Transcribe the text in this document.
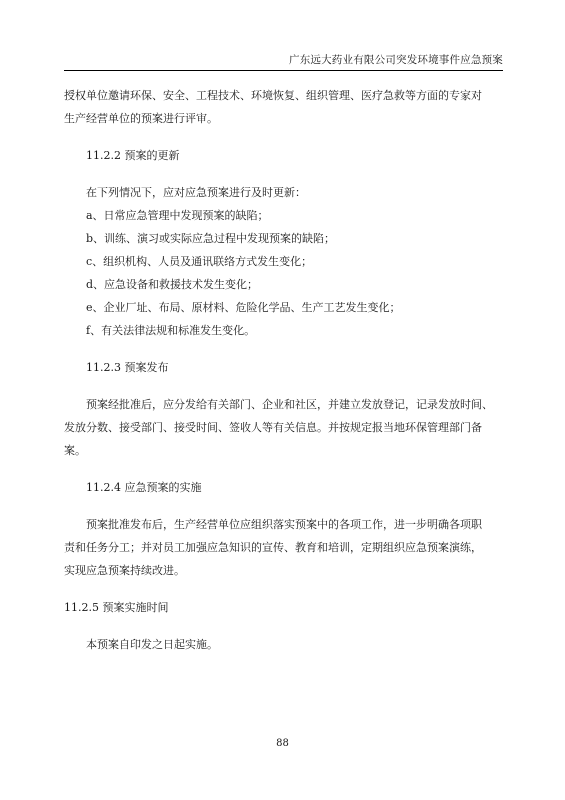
广东远大药业有限公司突发环境事件应急预案

授权单位邀请环保、安全、工程技术、环境恢复、组织管理、医疗急救等方面的专家对

生产经营单位的预案进行评审。

11.2.2 预案的更新

在下列情况下，应对应急预案进行及时更新：

a、日常应急管理中发现预案的缺陷；

b、训练、演习或实际应急过程中发现预案的缺陷；

c、组织机构、人员及通讯联络方式发生变化；

d、应急设备和救援技术发生变化；

e、企业厂址、布局、原材料、危险化学品、生产工艺发生变化；

f、有关法律法规和标准发生变化。

11.2.3 预案发布

预案经批准后，应分发给有关部门、企业和社区，并建立发放登记，记录发放时间、

发放分数、接受部门、接受时间、签收人等有关信息。并按规定报当地环保管理部门备

案。

11.2.4 应急预案的实施

预案批准发布后，生产经营单位应组织落实预案中的各项工作，进一步明确各项职

责和任务分工；并对员工加强应急知识的宣传、教育和培训，定期组织应急预案演练，

实现应急预案持续改进。

11.2.5 预案实施时间

本预案自印发之日起实施。

88
